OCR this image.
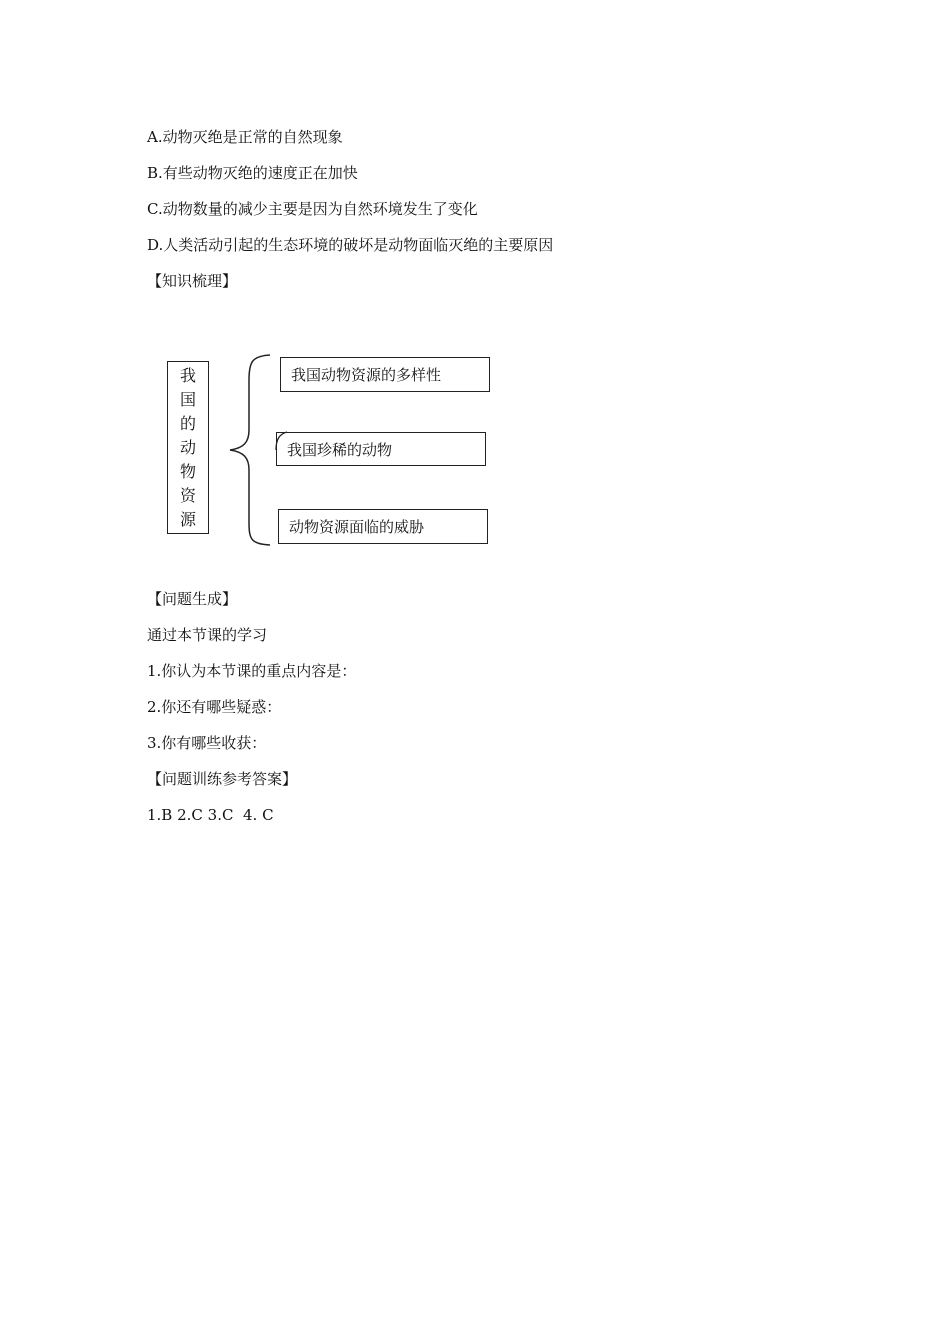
A.动物灭绝是正常的自然现象
B.有些动物灭绝的速度正在加快
C.动物数量的减少主要是因为自然环境发生了变化
D.人类活动引起的生态环境的破坏是动物面临灭绝的主要原因
【知识梳理】
我
国
的
动
物
资
源
我国动物资源的多样性
我国珍稀的动物
动物资源面临的威胁
【问题生成】
通过本节课的学习
1.你认为本节课的重点内容是：
2.你还有哪些疑惑：
3.你有哪些收获：
【问题训练参考答案】
1.B 2.C 3.C  4. C
